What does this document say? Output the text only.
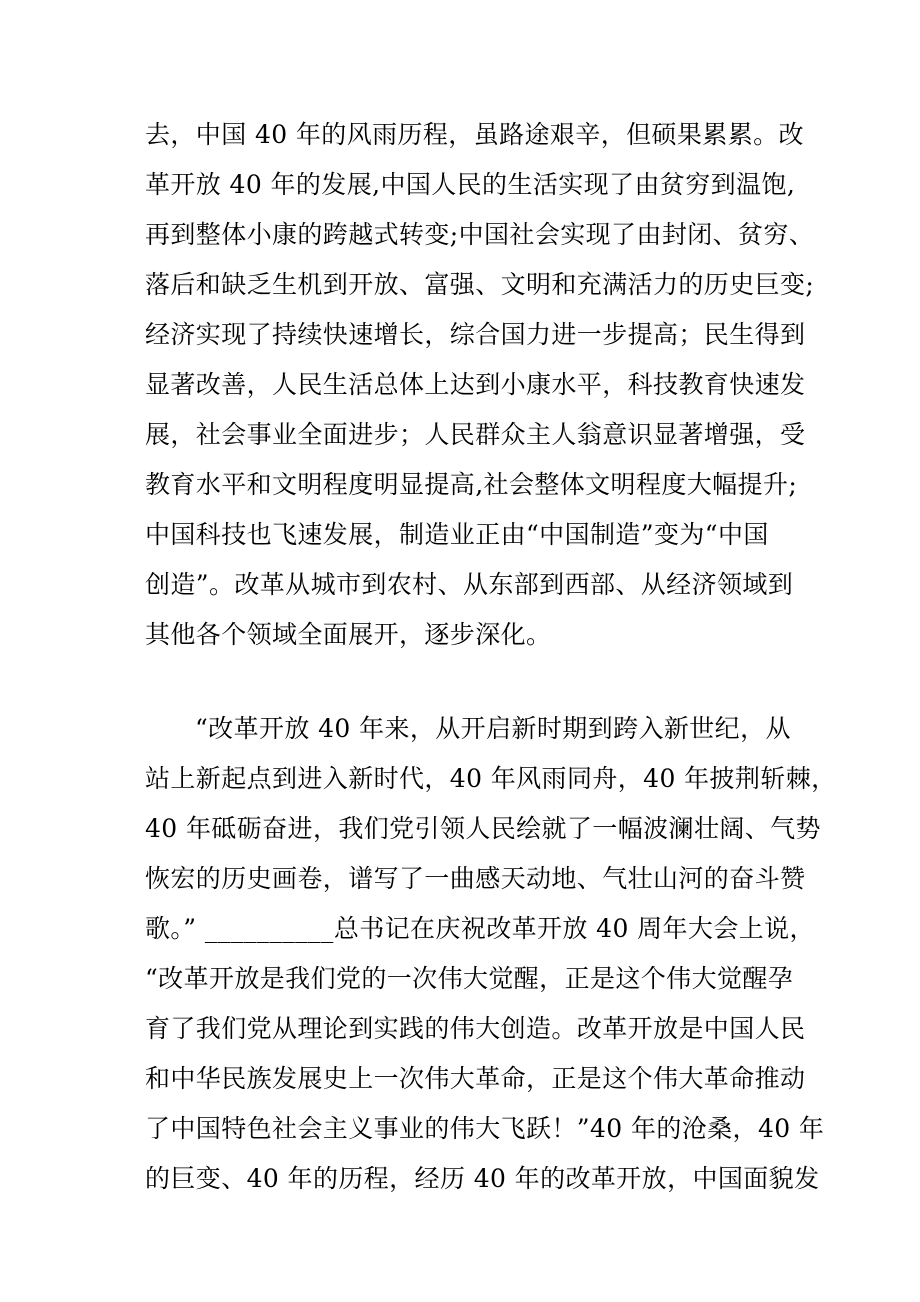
去，中国 40 年的风雨历程，虽路途艰辛，但硕果累累。改

革开放 40 年的发展,中国人民的生活实现了由贫穷到温饱,

再到整体小康的跨越式转变;中国社会实现了由封闭、贫穷、

落后和缺乏生机到开放、富强、文明和充满活力的历史巨变;

经济实现了持续快速增长，综合国力进一步提高；民生得到

显著改善，人民生活总体上达到小康水平，科技教育快速发

展，社会事业全面进步；人民群众主人翁意识显著增强，受

教育水平和文明程度明显提高,社会整体文明程度大幅提升;

中国科技也飞速发展，制造业正由“中国制造”变为“中国

创造”。改革从城市到农村、从东部到西部、从经济领域到

其他各个领域全面展开，逐步深化。

“改革开放 40 年来，从开启新时期到跨入新世纪，从

站上新起点到进入新时代，40 年风雨同舟，40 年披荆斩棘，

40 年砥砺奋进，我们党引领人民绘就了一幅波澜壮阔、气势

恢宏的历史画卷，谱写了一曲感天动地、气壮山河的奋斗赞

歌。” __________总书记在庆祝改革开放 40 周年大会上说，

“改革开放是我们党的一次伟大觉醒，正是这个伟大觉醒孕

育了我们党从理论到实践的伟大创造。改革开放是中国人民

和中华民族发展史上一次伟大革命，正是这个伟大革命推动

了中国特色社会主义事业的伟大飞跃！”40 年的沧桑，40 年

的巨变、40 年的历程，经历 40 年的改革开放，中国面貌发
